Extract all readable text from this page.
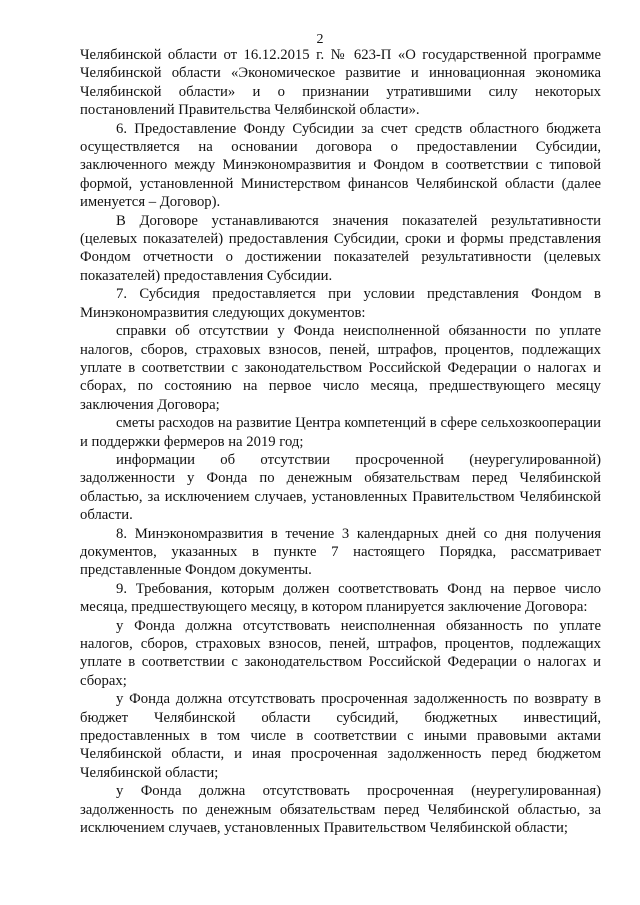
2

Челябинской области от 16.12.2015 г. № 623-П «О государственной программе Челябинской области «Экономическое развитие и инновационная экономика Челябинской области» и о признании утратившими силу некоторых постановлений Правительства Челябинской области».

6. Предоставление Фонду Субсидии за счет средств областного бюджета осуществляется на основании договора о предоставлении Субсидии, заключенного между Минэкономразвития и Фондом в соответствии с типовой формой, установленной Министерством финансов Челябинской области (далее именуется – Договор).

В Договоре устанавливаются значения показателей результативности (целевых показателей) предоставления Субсидии, сроки и формы представления Фондом отчетности о достижении показателей результативности (целевых показателей) предоставления Субсидии.

7. Субсидия предоставляется при условии представления Фондом в Минэкономразвития следующих документов:

справки об отсутствии у Фонда неисполненной обязанности по уплате налогов, сборов, страховых взносов, пеней, штрафов, процентов, подлежащих уплате в соответствии с законодательством Российской Федерации о налогах и сборах, по состоянию на первое число месяца, предшествующего месяцу заключения Договора;

сметы расходов на развитие Центра компетенций в сфере сельхозкооперации и поддержки фермеров на 2019 год;

информации об отсутствии просроченной (неурегулированной) задолженности у Фонда по денежным обязательствам перед Челябинской областью, за исключением случаев, установленных Правительством Челябинской области.

8. Минэкономразвития в течение 3 календарных дней со дня получения документов, указанных в пункте 7 настоящего Порядка, рассматривает представленные Фондом документы.

9. Требования, которым должен соответствовать Фонд на первое число месяца, предшествующего месяцу, в котором планируется заключение Договора:

у Фонда должна отсутствовать неисполненная обязанность по уплате налогов, сборов, страховых взносов, пеней, штрафов, процентов, подлежащих уплате в соответствии с законодательством Российской Федерации о налогах и сборах;

у Фонда должна отсутствовать просроченная задолженность по возврату в бюджет Челябинской области субсидий, бюджетных инвестиций, предоставленных в том числе в соответствии с иными правовыми актами Челябинской области, и иная просроченная задолженность перед бюджетом Челябинской области;

у Фонда должна отсутствовать просроченная (неурегулированная) задолженность по денежным обязательствам перед Челябинской областью, за исключением случаев, установленных Правительством Челябинской области;
